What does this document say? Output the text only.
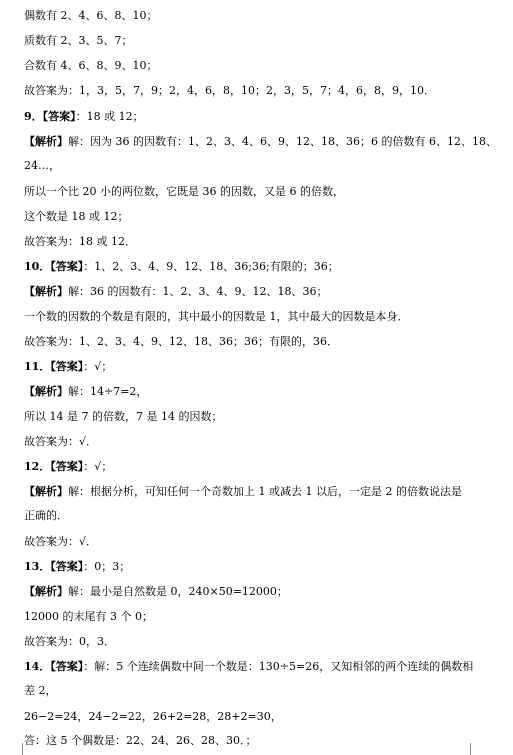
偶数有 2、4、6、8、10；
质数有 2、3、5、7；
合数有 4、6、8、9、10；
故答案为：1，3，5，7，9；2，4，6，8，10；2，3，5，7；4，6，8，9，10．
9．【答案】：18 或 12；
【解析】解：因为 36 的因数有：1、2、3、4、6、9、12、18、36；6 的倍数有 6、12、18、
24…，
所以一个比 20 小的两位数，它既是 36 的因数，又是 6 的倍数，
这个数是 18 或 12；
故答案为：18 或 12．
10．【答案】：1、2、3、4、9、12、18、36;36;有限的；36；
【解析】解：36 的因数有：1、2、3、4、9、12、18、36；
一个数的因数的个数是有限的，其中最小的因数是 1，其中最大的因数是本身．
故答案为：1、2、3、4、9、12、18、36；36；有限的，36．
11．【答案】：√；
【解析】解：14÷7=2，
所以 14 是 7 的倍数，7 是 14 的因数；
故答案为：√．
12．【答案】：√；
【解析】解：根据分析，可知任何一个奇数加上 1 或减去 1 以后，一定是 2 的倍数说法是
正确的．
故答案为：√．
13．【答案】：0；3；
【解析】解：最小是自然数是 0，240×50=12000；
12000 的末尾有 3 个 0；
故答案为：0，3．
14．【答案】：解：5 个连续偶数中间一个数是：130÷5=26，又知相邻的两个连续的偶数相
差 2，
26−2=24，24−2=22，26+2=28，28+2=30，
答：这 5 个偶数是：22、24、26、28、30．；
